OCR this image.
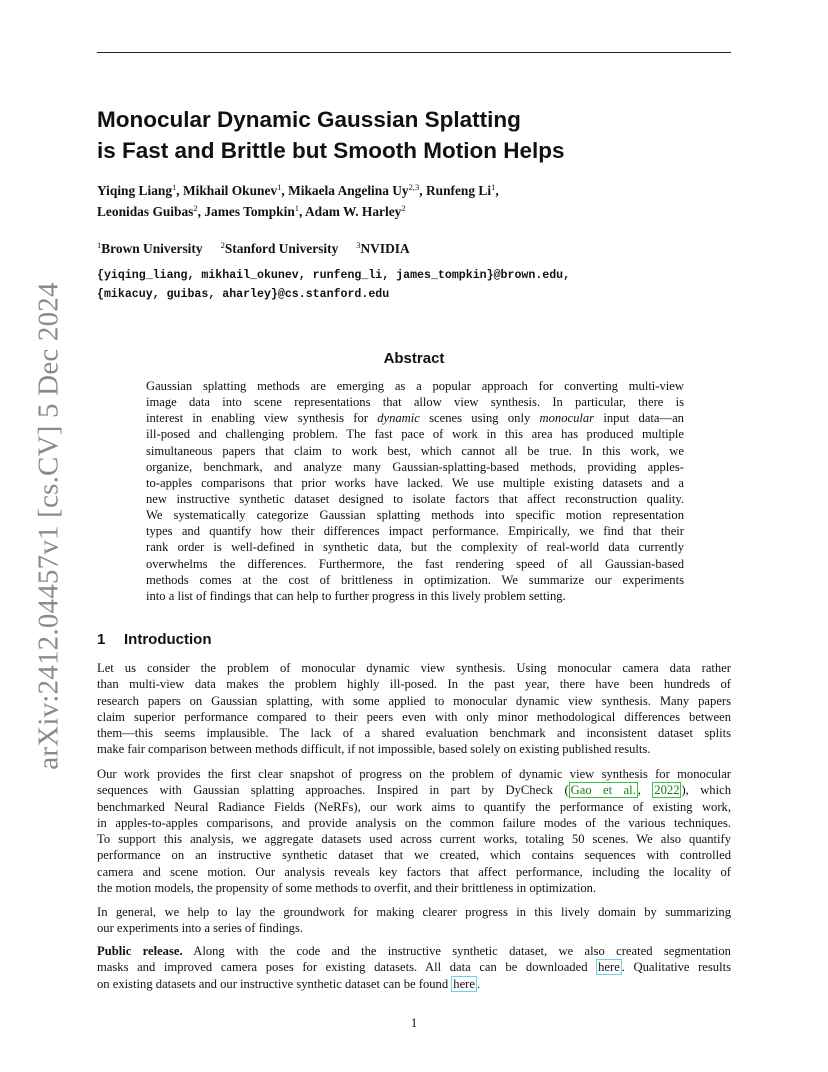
arXiv:2412.04457v1 [cs.CV] 5 Dec 2024
Monocular Dynamic Gaussian Splatting
is Fast and Brittle but Smooth Motion Helps
Yiqing Liang$^1$, Mikhail Okunev$^1$, Mikaela Angelina Uy$^{2,3}$, Runfeng Li$^1$,
Leonidas Guibas$^2$, James Tompkin$^1$, Adam W. Harley$^2$
$^1$Brown University $^2$Stanford University $^3$NVIDIA
{yiqing_liang, mikhail_okunev, runfeng_li, james_tompkin}@brown.edu,
{mikacuy, guibas, aharley}@cs.stanford.edu
Abstract
Gaussian splatting methods are emerging as a popular approach for converting multi-view
image data into scene representations that allow view synthesis. In particular, there is
interest in enabling view synthesis for dynamic scenes using only monocular input data—an
ill-posed and challenging problem. The fast pace of work in this area has produced multiple
simultaneous papers that claim to work best, which cannot all be true. In this work, we
organize, benchmark, and analyze many Gaussian-splatting-based methods, providing apples-
to-apples comparisons that prior works have lacked. We use multiple existing datasets and a
new instructive synthetic dataset designed to isolate factors that affect reconstruction quality.
We systematically categorize Gaussian splatting methods into specific motion representation
types and quantify how their differences impact performance. Empirically, we find that their
rank order is well-defined in synthetic data, but the complexity of real-world data currently
overwhelms the differences. Furthermore, the fast rendering speed of all Gaussian-based
methods comes at the cost of brittleness in optimization. We summarize our experiments
into a list of findings that can help to further progress in this lively problem setting.
1 Introduction
Let us consider the problem of monocular dynamic view synthesis. Using monocular camera data rather
than multi-view data makes the problem highly ill-posed. In the past year, there have been hundreds of
research papers on Gaussian splatting, with some applied to monocular dynamic view synthesis. Many papers
claim superior performance compared to their peers even with only minor methodological differences between
them—this seems implausible. The lack of a shared evaluation benchmark and inconsistent dataset splits
make fair comparison between methods difficult, if not impossible, based solely on existing published results.
Our work provides the first clear snapshot of progress on the problem of dynamic view synthesis for monocular
sequences with Gaussian splatting approaches. Inspired in part by DyCheck ( Gao et al. , 2022 ), which
benchmarked Neural Radiance Fields (NeRFs), our work aims to quantify the performance of existing work,
in apples-to-apples comparisons, and provide analysis on the common failure modes of the various techniques.
To support this analysis, we aggregate datasets used across current works, totaling 50 scenes. We also quantify
performance on an instructive synthetic dataset that we created, which contains sequences with controlled
camera and scene motion. Our analysis reveals key factors that affect performance, including the locality of
the motion models, the propensity of some methods to overfit, and their brittleness in optimization.
In general, we help to lay the groundwork for making clearer progress in this lively domain by summarizing
our experiments into a series of findings.
Public release. Along with the code and the instructive synthetic dataset, we also created segmentation
masks and improved camera poses for existing datasets. All data can be downloaded here . Qualitative results
on existing datasets and our instructive synthetic dataset can be found here .
1
